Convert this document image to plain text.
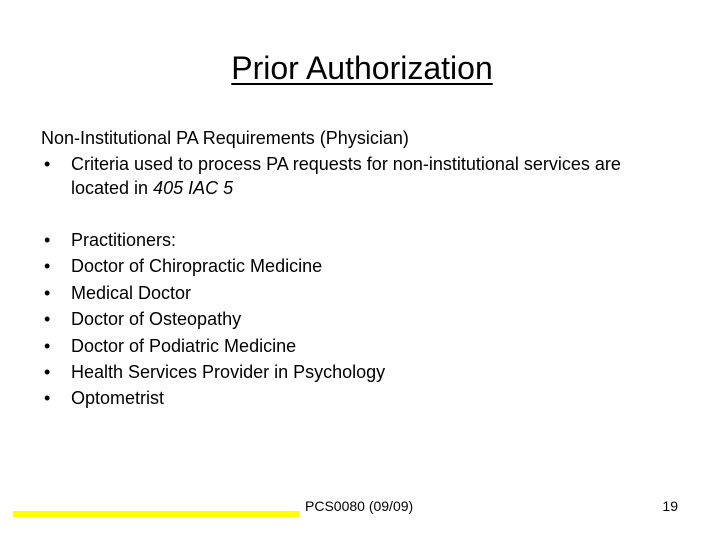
Prior Authorization

Non-Institutional PA Requirements (Physician)

• Criteria used to process PA requests for non-institutional services are located in 405 IAC 5
• Practitioners:
• Doctor of Chiropractic Medicine
• Medical Doctor
• Doctor of Osteopathy
• Doctor of Podiatric Medicine
• Health Services Provider in Psychology
• Optometrist
PCS0080 (09/09)	19
